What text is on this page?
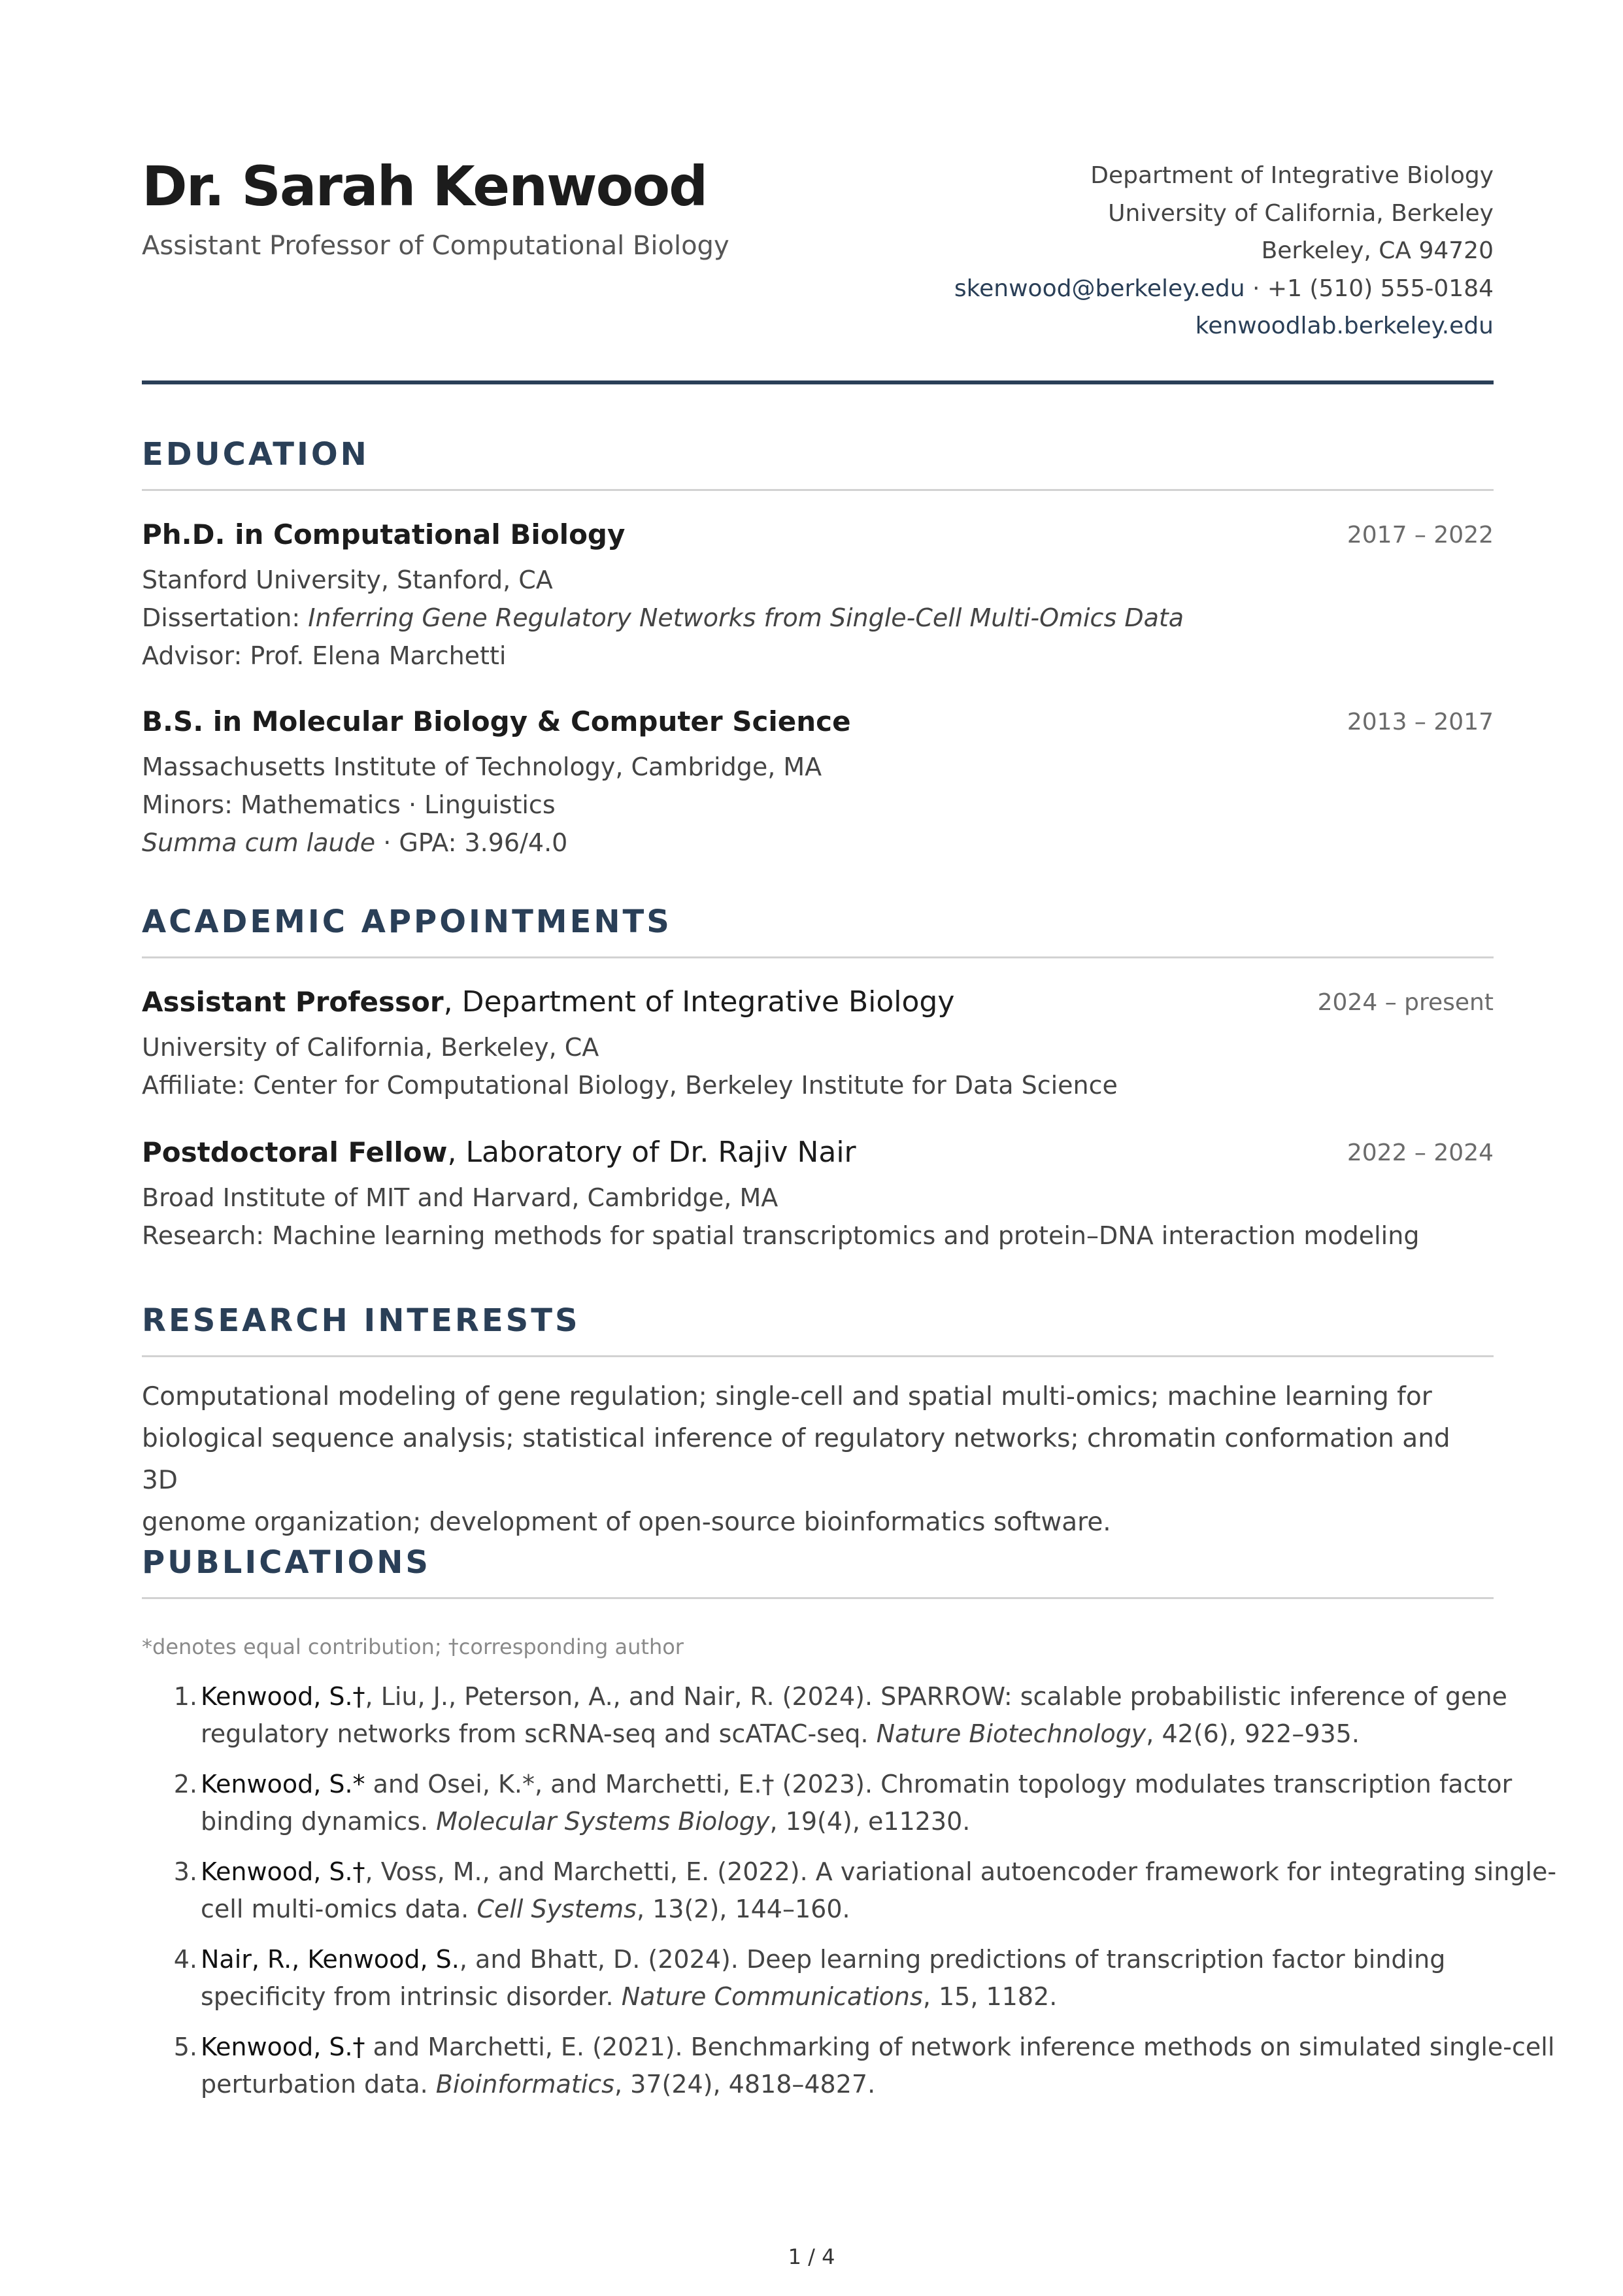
Dr. Sarah Kenwood
Assistant Professor of Computational Biology
Department of Integrative Biology
University of California, Berkeley
Berkeley, CA 94720
skenwood@berkeley.edu · +1 (510) 555-0184
kenwoodlab.berkeley.edu
EDUCATION
Ph.D. in Computational Biology	2017 – 2022
Stanford University, Stanford, CA
Dissertation: Inferring Gene Regulatory Networks from Single-Cell Multi-Omics Data
Advisor: Prof. Elena Marchetti
B.S. in Molecular Biology & Computer Science	2013 – 2017
Massachusetts Institute of Technology, Cambridge, MA
Minors: Mathematics · Linguistics
Summa cum laude · GPA: 3.96/4.0
ACADEMIC APPOINTMENTS
Assistant Professor, Department of Integrative Biology	2024 – present
University of California, Berkeley, CA
Affiliate: Center for Computational Biology, Berkeley Institute for Data Science
Postdoctoral Fellow, Laboratory of Dr. Rajiv Nair	2022 – 2024
Broad Institute of MIT and Harvard, Cambridge, MA
Research: Machine learning methods for spatial transcriptomics and protein–DNA interaction modeling
RESEARCH INTERESTS
Computational modeling of gene regulation; single-cell and spatial multi-omics; machine learning for
biological sequence analysis; statistical inference of regulatory networks; chromatin conformation and 3D
genome organization; development of open-source bioinformatics software.
PUBLICATIONS
*denotes equal contribution; †corresponding author
1. Kenwood, S.†, Liu, J., Peterson, A., and Nair, R. (2024). SPARROW: scalable probabilistic inference of gene
regulatory networks from scRNA-seq and scATAC-seq. Nature Biotechnology, 42(6), 922–935.
2. Kenwood, S.* and Osei, K.*, and Marchetti, E.† (2023). Chromatin topology modulates transcription factor
binding dynamics. Molecular Systems Biology, 19(4), e11230.
3. Kenwood, S.†, Voss, M., and Marchetti, E. (2022). A variational autoencoder framework for integrating single-
cell multi-omics data. Cell Systems, 13(2), 144–160.
4. Nair, R., Kenwood, S., and Bhatt, D. (2024). Deep learning predictions of transcription factor binding
specificity from intrinsic disorder. Nature Communications, 15, 1182.
5. Kenwood, S.† and Marchetti, E. (2021). Benchmarking of network inference methods on simulated single-cell
perturbation data. Bioinformatics, 37(24), 4818–4827.
1 / 4
